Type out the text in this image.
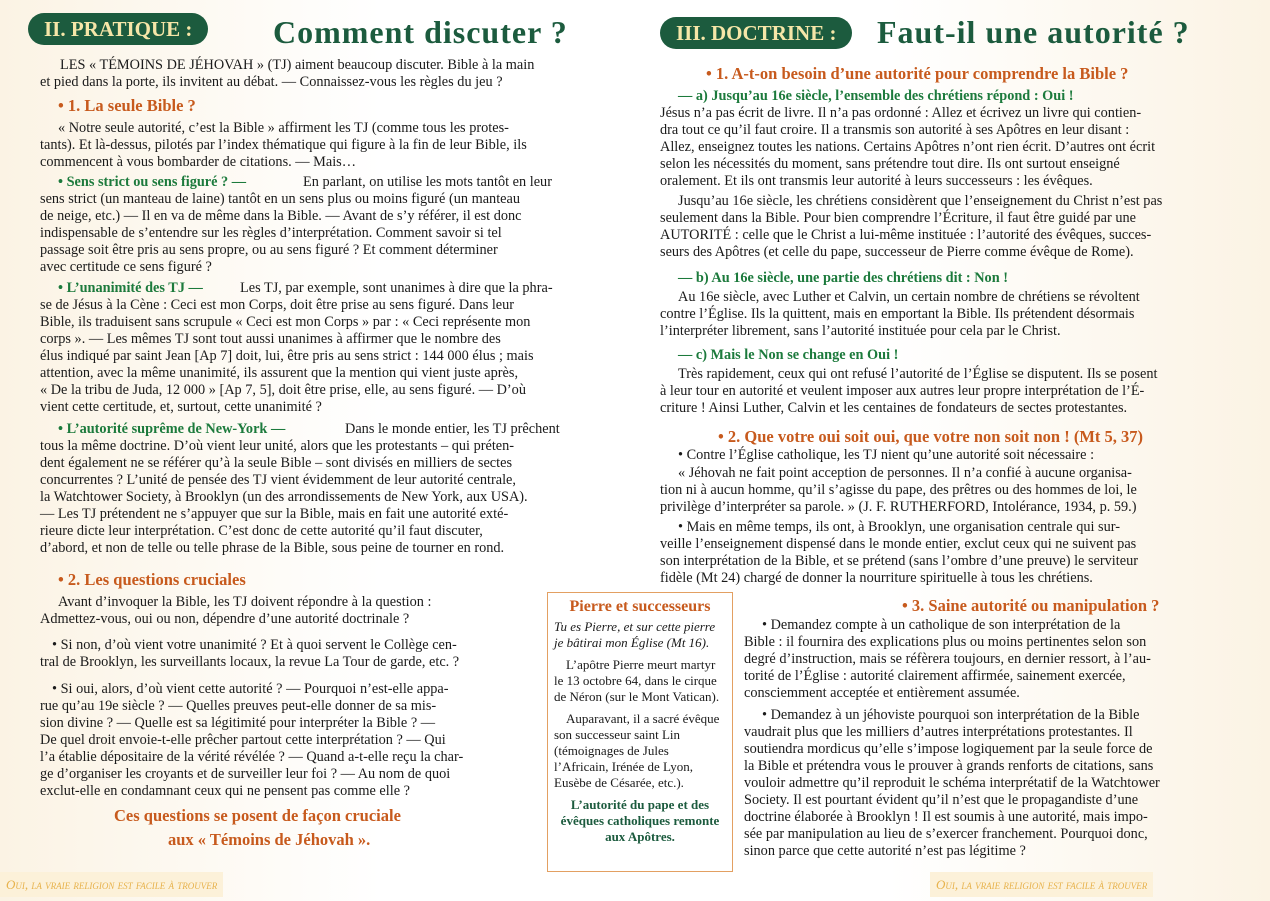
II. PRATIQUE :	Comment discuter ?
LES « TÉMOINS DE JÉHOVAH » (TJ) aiment beaucoup discuter. Bible à la main
et pied dans la porte, ils invitent au débat. — Connaissez-vous les règles du jeu ?
• 1. La seule Bible ?
« Notre seule autorité, c’est la Bible » affirment les TJ (comme tous les protes-
tants). Et là-dessus, pilotés par l’index thématique qui figure à la fin de leur Bible, ils
commencent à vous bombarder de citations. — Mais…
• Sens strict ou sens figuré ? —	En parlant, on utilise les mots tantôt en leur
sens strict (un manteau de laine) tantôt en un sens plus ou moins figuré (un manteau
de neige, etc.) — Il en va de même dans la Bible. — Avant de s’y référer, il est donc
indispensable de s’entendre sur les règles d’interprétation. Comment savoir si tel
passage soit être pris au sens propre, ou au sens figuré ? Et comment déterminer
avec certitude ce sens figuré ?
• L’unanimité des TJ —	Les TJ, par exemple, sont unanimes à dire que la phra-
se de Jésus à la Cène : Ceci est mon Corps, doit être prise au sens figuré. Dans leur
Bible, ils traduisent sans scrupule « Ceci est mon Corps » par : « Ceci représente mon
corps ». — Les mêmes TJ sont tout aussi unanimes à affirmer que le nombre des
élus indiqué par saint Jean [Ap 7] doit, lui, être pris au sens strict : 144 000 élus ; mais
attention, avec la même unanimité, ils assurent que la mention qui vient juste après,
« De la tribu de Juda, 12 000 » [Ap 7, 5], doit être prise, elle, au sens figuré. — D’où
vient cette certitude, et, surtout, cette unanimité ?
• L’autorité suprême de New-York —	Dans le monde entier, les TJ prêchent
tous la même doctrine. D’où vient leur unité, alors que les protestants – qui préten-
dent également ne se référer qu’à la seule Bible – sont divisés en milliers de sectes
concurrentes ? L’unité de pensée des TJ vient évidemment de leur autorité centrale,
la Watchtower Society, à Brooklyn (un des arrondissements de New York, aux USA).
— Les TJ prétendent ne s’appuyer que sur la Bible, mais en fait une autorité exté-
rieure dicte leur interprétation. C’est donc de cette autorité qu’il faut discuter,
d’abord, et non de telle ou telle phrase de la Bible, sous peine de tourner en rond.
• 2. Les questions cruciales
Avant d’invoquer la Bible, les TJ doivent répondre à la question :
Admettez-vous, oui ou non, dépendre d’une autorité doctrinale ?
• Si non, d’où vient votre unanimité ? Et à quoi servent le Collège cen-
tral de Brooklyn, les surveillants locaux, la revue La Tour de garde, etc. ?
• Si oui, alors, d’où vient cette autorité ? — Pourquoi n’est-elle appa-
rue qu’au 19e siècle ? — Quelles preuves peut-elle donner de sa mis-
sion divine ? — Quelle est sa légitimité pour interpréter la Bible ? —
De quel droit envoie-t-elle prêcher partout cette interprétation ? — Qui
l’a établie dépositaire de la vérité révélée ? — Quand a-t-elle reçu la char-
ge d’organiser les croyants et de surveiller leur foi ? — Au nom de quoi
exclut-elle en condamnant ceux qui ne pensent pas comme elle ?
Ces questions se posent de façon cruciale
aux « Témoins de Jéhovah ».
Oui, la vraie religion est facile à trouver
Pierre et successeurs

Tu es Pierre, et sur cette pierre je bâtirai mon Église (Mt 16).

L’apôtre Pierre meurt martyr le 13 octobre 64, dans le cirque de Néron (sur le Mont Vatican).

Auparavant, il a sacré évêque son successeur saint Lin (témoignages de Jules l’Africain, Irénée de Lyon, Eusèbe de Césarée, etc.).

L’autorité du pape et des évêques catholiques remonte aux Apôtres.

III. DOCTRINE :	Faut-il une autorité ?
• 1. A-t-on besoin d’une autorité pour comprendre la Bible ?
— a) Jusqu’au 16e siècle, l’ensemble des chrétiens répond : Oui !
Jésus n’a pas écrit de livre. Il n’a pas ordonné : Allez et écrivez un livre qui contien-
dra tout ce qu’il faut croire. Il a transmis son autorité à ses Apôtres en leur disant :
Allez, enseignez toutes les nations. Certains Apôtres n’ont rien écrit. D’autres ont écrit
selon les nécessités du moment, sans prétendre tout dire. Ils ont surtout enseigné
oralement. Et ils ont transmis leur autorité à leurs successeurs : les évêques.
Jusqu’au 16e siècle, les chrétiens considèrent que l’enseignement du Christ n’est pas
seulement dans la Bible. Pour bien comprendre l’Écriture, il faut être guidé par une
AUTORITÉ : celle que le Christ a lui-même instituée : l’autorité des évêques, succes-
seurs des Apôtres (et celle du pape, successeur de Pierre comme évêque de Rome).
— b) Au 16e siècle, une partie des chrétiens dit : Non !
Au 16e siècle, avec Luther et Calvin, un certain nombre de chrétiens se révoltent
contre l’Église. Ils la quittent, mais en emportant la Bible. Ils prétendent désormais
l’interpréter librement, sans l’autorité instituée pour cela par le Christ.
— c) Mais le Non se change en Oui !
Très rapidement, ceux qui ont refusé l’autorité de l’Église se disputent. Ils se posent
à leur tour en autorité et veulent imposer aux autres leur propre interprétation de l’É-
criture ! Ainsi Luther, Calvin et les centaines de fondateurs de sectes protestantes.
• 2. Que votre oui soit oui, que votre non soit non ! (Mt 5, 37)
• Contre l’Église catholique, les TJ nient qu’une autorité soit nécessaire :
« Jéhovah ne fait point acception de personnes. Il n’a confié à aucune organisa-
tion ni à aucun homme, qu’il s’agisse du pape, des prêtres ou des hommes de loi, le
privilège d’interpréter sa parole. » (J. F. RUTHERFORD, Intolérance, 1934, p. 59.)
• Mais en même temps, ils ont, à Brooklyn, une organisation centrale qui sur-
veille l’enseignement dispensé dans le monde entier, exclut ceux qui ne suivent pas
son interprétation de la Bible, et se prétend (sans l’ombre d’une preuve) le serviteur
fidèle (Mt 24) chargé de donner la nourriture spirituelle à tous les chrétiens.
• 3. Saine autorité ou manipulation ?
• Demandez compte à un catholique de son interprétation de la
Bible : il fournira des explications plus ou moins pertinentes selon son
degré d’instruction, mais se réfèrera toujours, en dernier ressort, à l’au-
torité de l’Église : autorité clairement affirmée, sainement exercée,
consciemment acceptée et entièrement assumée.
• Demandez à un jéhoviste pourquoi son interprétation de la Bible
vaudrait plus que les milliers d’autres interprétations protestantes. Il
soutiendra mordicus qu’elle s’impose logiquement par la seule force de
la Bible et prétendra vous le prouver à grands renforts de citations, sans
vouloir admettre qu’il reproduit le schéma interprétatif de la Watchtower
Society. Il est pourtant évident qu’il n’est que le propagandiste d’une
doctrine élaborée à Brooklyn ! Il est soumis à une autorité, mais impo-
sée par manipulation au lieu de s’exercer franchement. Pourquoi donc,
sinon parce que cette autorité n’est pas légitime ?
Oui, la vraie religion est facile à trouver
